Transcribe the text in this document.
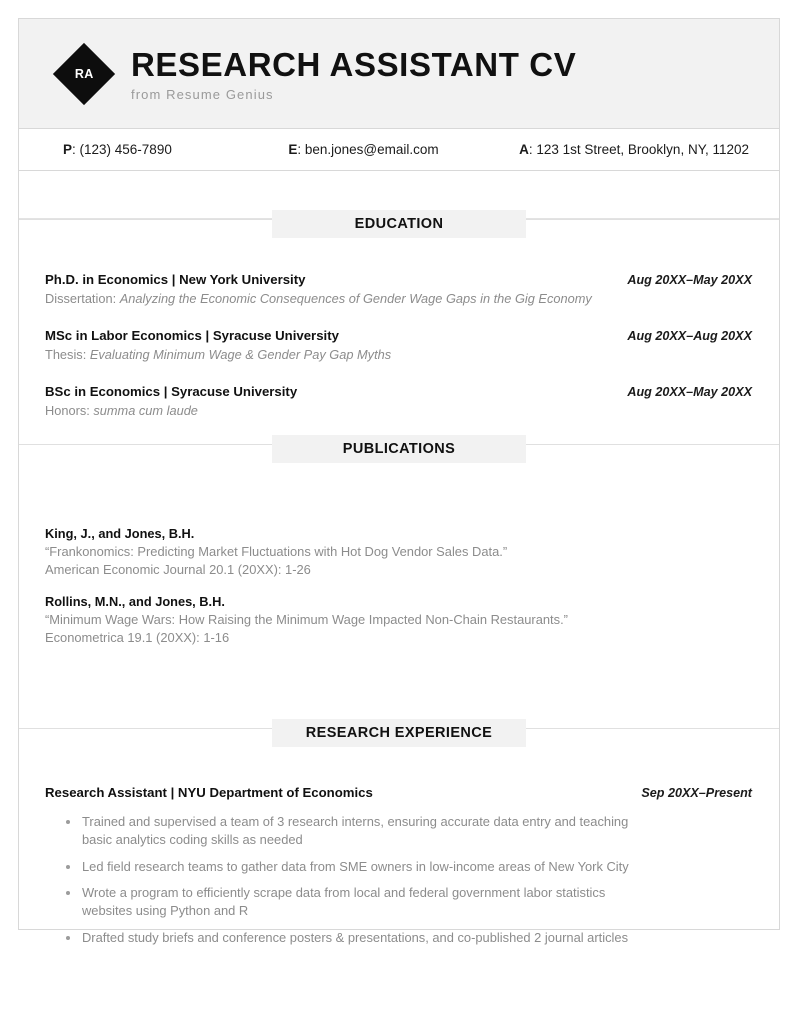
RA RESEARCH ASSISTANT CV
from Resume Genius
P: (123) 456-7890	E: ben.jones@email.com	A: 123 1st Street, Brooklyn, NY, 11202
EDUCATION
Ph.D. in Economics | New York University	Aug 20XX–May 20XX
Dissertation: Analyzing the Economic Consequences of Gender Wage Gaps in the Gig Economy
MSc in Labor Economics | Syracuse University	Aug 20XX–Aug 20XX
Thesis: Evaluating Minimum Wage & Gender Pay Gap Myths
BSc in Economics | Syracuse University	Aug 20XX–May 20XX
Honors: summa cum laude
PUBLICATIONS
King, J., and Jones, B.H.
“Frankonomics: Predicting Market Fluctuations with Hot Dog Vendor Sales Data.”
American Economic Journal 20.1 (20XX): 1-26
Rollins, M.N., and Jones, B.H.
“Minimum Wage Wars: How Raising the Minimum Wage Impacted Non-Chain Restaurants.”
Econometrica 19.1 (20XX): 1-16
RESEARCH EXPERIENCE
Research Assistant | NYU Department of Economics	Sep 20XX–Present
Trained and supervised a team of 3 research interns, ensuring accurate data entry and teaching basic analytics coding skills as needed
Led field research teams to gather data from SME owners in low-income areas of New York City
Wrote a program to efficiently scrape data from local and federal government labor statistics websites using Python and R
Drafted study briefs and conference posters & presentations, and co-published 2 journal articles
